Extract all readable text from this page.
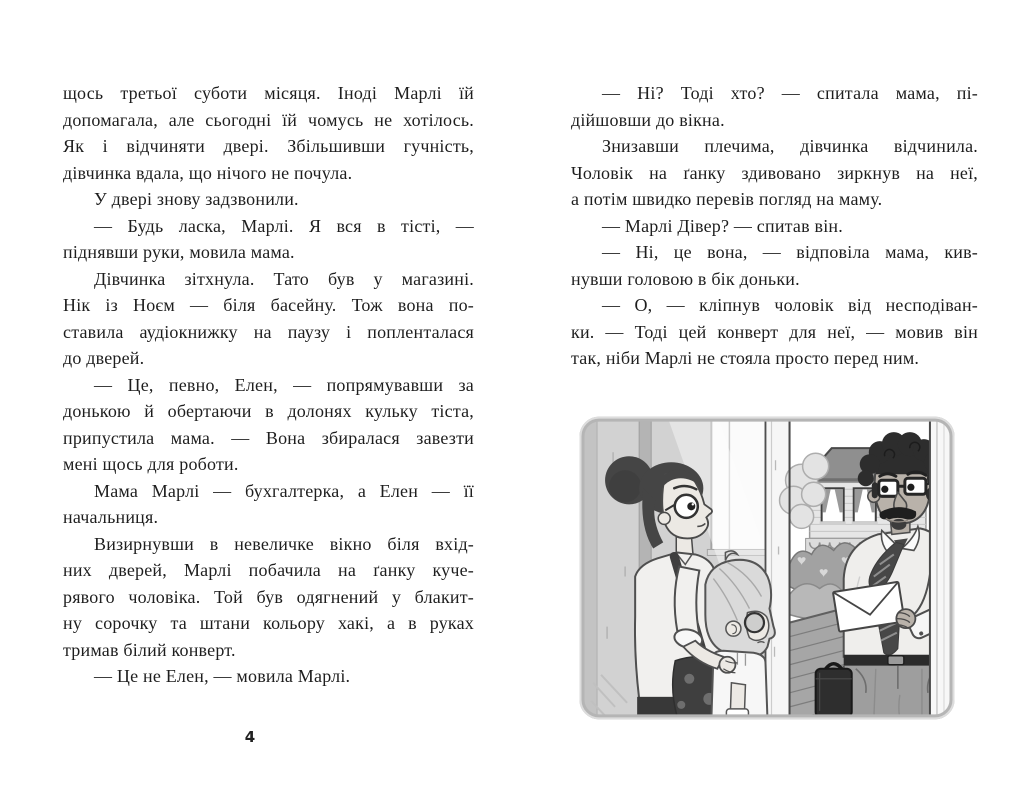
щось третьої суботи місяця. Іноді Марлі їй
допомагала, але сьогодні їй чомусь не хотілось.
Як і відчиняти двері. Збільшивши гучність,
дівчинка вдала, що нічого не почула.
У двері знову задзвонили.
— Будь ласка, Марлі. Я вся в тісті, —
піднявши руки, мовила мама.
Дівчинка зітхнула. Тато був у магазині.
Нік із Ноєм — біля басейну. Тож вона по-
ставила аудіокнижку на паузу і попленталася
до дверей.
— Це, певно, Елен, — попрямувавши за
донькою й обертаючи в долонях кульку тіста,
припустила мама. — Вона збиралася завезти
мені щось для роботи.
Мама Марлі — бухгалтерка, а Елен — її
начальниця.
Визирнувши в невеличке вікно біля вхід-
них дверей, Марлі побачила на ґанку куче-
рявого чоловіка. Той був одягнений у блакит-
ну сорочку та штани кольору хакі, а в руках
тримав білий конверт.
— Це не Елен, — мовила Марлі.
— Ні? Тоді хто? — спитала мама, пі-
дійшовши до вікна.
Знизавши плечима, дівчинка відчинила.
Чоловік на ґанку здивовано зиркнув на неї,
а потім швидко перевів погляд на маму.
— Марлі Дівер? — спитав він.
— Ні, це вона, — відповіла мама, кив-
нувши головою в бік доньки.
— О, — кліпнув чоловік від несподіван-
ки. — Тоді цей конверт для неї, — мовив він
так, ніби Марлі не стояла просто перед ним.
4
